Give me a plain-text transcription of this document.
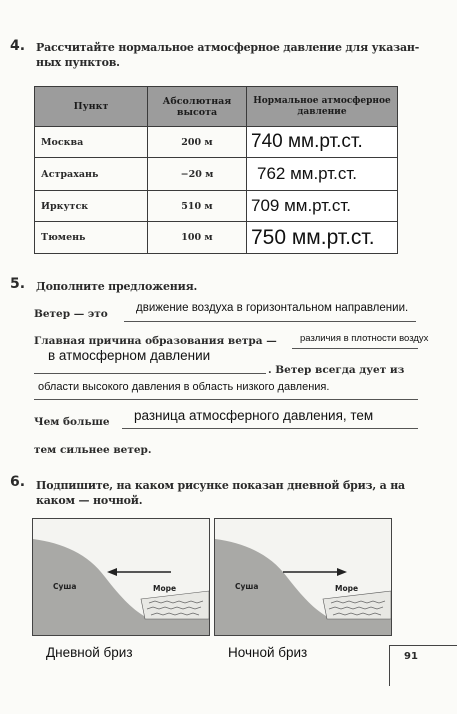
4. Рассчитайте нормальное атмосферное давление для указан-
ных пунктов.
Пункт	Абсолютная высота	Нормальное атмосферное давление
Москва	200 м	740 мм.рт.ст.
Астрахань	−20 м	762 мм.рт.ст.
Иркутск	510 м	709 мм.рт.ст.
Тюмень	100 м	750 мм.рт.ст.
5. Дополните предложения.
Ветер — это движение воздуха в горизонтальном направлении.
Главная причина образования ветра — различия в плотности воздух
в атмосферном давлении
. Ветер всегда дует из
области высокого давления в область низкого давления.
Чем больше разница атмосферного давления, тем
тем сильнее ветер.
6. Подпишите, на каком рисунке показан дневной бриз, а на
каком — ночной.
Суша	Море	Суша	Море
Дневной бриз	Ночной бриз	91
